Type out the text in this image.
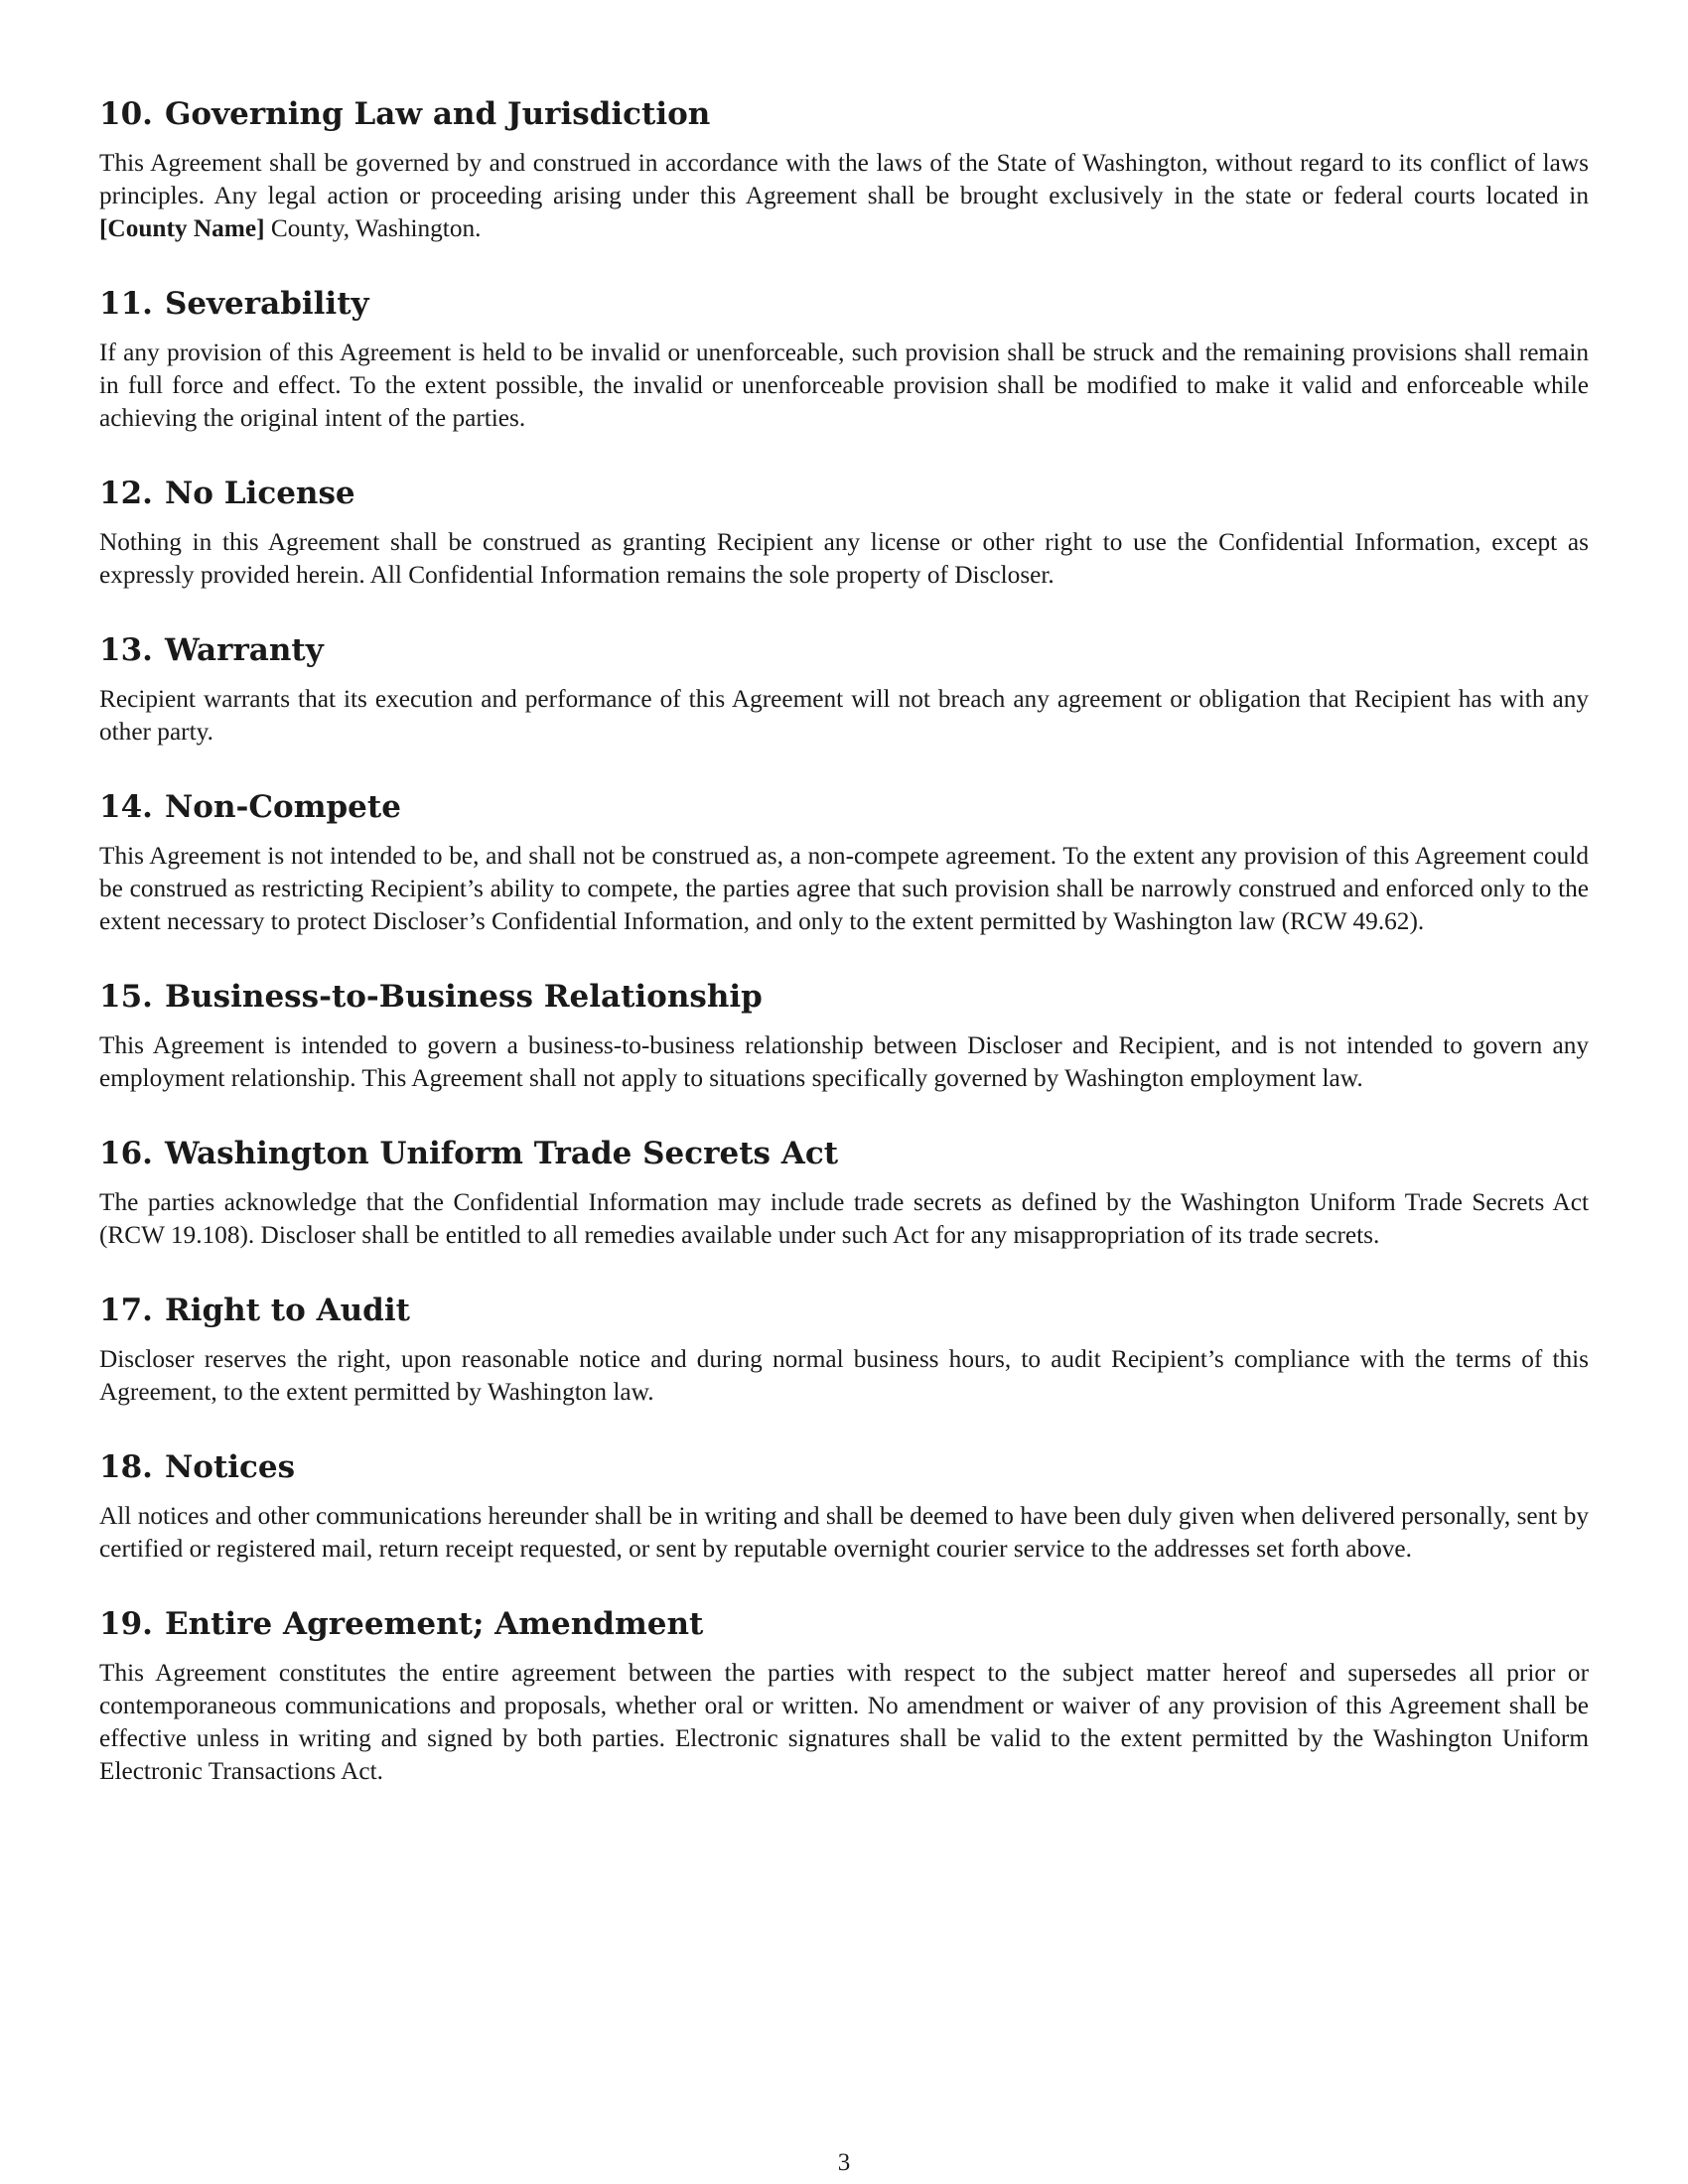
10. Governing Law and Jurisdiction

This Agreement shall be governed by and construed in accordance with the laws of the State of Washington, without regard to its conflict of laws principles. Any legal action or proceeding arising under this Agreement shall be brought exclusively in the state or federal courts located in [County Name] County, Washington.

11. Severability

If any provision of this Agreement is held to be invalid or unenforceable, such provision shall be struck and the remaining provisions shall remain in full force and effect. To the extent possible, the invalid or unenforceable provision shall be modified to make it valid and enforceable while achieving the original intent of the parties.

12. No License

Nothing in this Agreement shall be construed as granting Recipient any license or other right to use the Confidential Information, except as expressly provided herein. All Confidential Information remains the sole property of Discloser.

13. Warranty

Recipient warrants that its execution and performance of this Agreement will not breach any agreement or obligation that Recipient has with any other party.

14. Non-Compete

This Agreement is not intended to be, and shall not be construed as, a non-compete agreement. To the extent any provision of this Agreement could be construed as restricting Recipient’s ability to compete, the parties agree that such provision shall be narrowly construed and enforced only to the extent necessary to protect Discloser’s Confidential Information, and only to the extent permitted by Washington law (RCW 49.62).

15. Business-to-Business Relationship

This Agreement is intended to govern a business-to-business relationship between Discloser and Recipient, and is not intended to govern any employment relationship. This Agreement shall not apply to situations specifically governed by Washington employment law.

16. Washington Uniform Trade Secrets Act

The parties acknowledge that the Confidential Information may include trade secrets as defined by the Washington Uniform Trade Secrets Act (RCW 19.108). Discloser shall be entitled to all remedies available under such Act for any misappropriation of its trade secrets.

17. Right to Audit

Discloser reserves the right, upon reasonable notice and during normal business hours, to audit Recipient’s compliance with the terms of this Agreement, to the extent permitted by Washington law.

18. Notices

All notices and other communications hereunder shall be in writing and shall be deemed to have been duly given when delivered personally, sent by certified or registered mail, return receipt requested, or sent by reputable overnight courier service to the addresses set forth above.

19. Entire Agreement; Amendment

This Agreement constitutes the entire agreement between the parties with respect to the subject matter hereof and supersedes all prior or contemporaneous communications and proposals, whether oral or written. No amendment or waiver of any provision of this Agreement shall be effective unless in writing and signed by both parties. Electronic signatures shall be valid to the extent permitted by the Washington Uniform Electronic Transactions Act.

3
